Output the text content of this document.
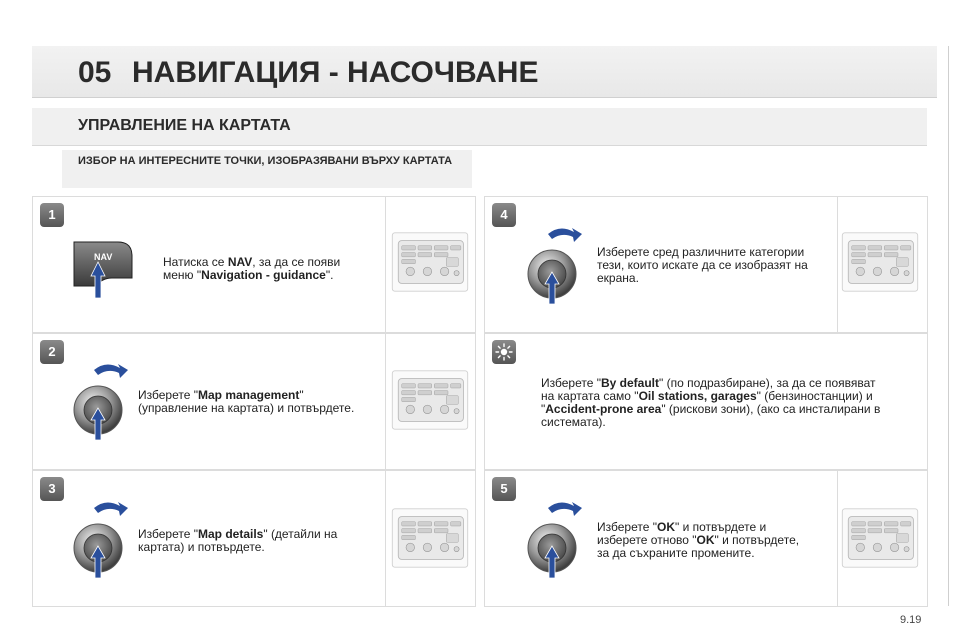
05 НАВИГАЦИЯ - НАСОЧВАНЕ
УПРАВЛЕНИЕ НА КАРТАТА
ИЗБОР НА ИНТЕРЕСНИТЕ ТОЧКИ, ИЗОБРАЗЯВАНИ ВЪРХУ КАРТАТА
1
NAV	Натиска се NAV, за да се появи
меню "Navigation - guidance".
2
Изберете "Map management"
(управление на картата) и потвърдете.
3
Изберете "Map details" (детайли на
картата) и потвърдете.
4
Изберете сред различните категории
тези, които искате да се изобразят на
екрана.
Изберете "By default" (по подразбиране), за да се появяват
на картата само "Oil stations, garages" (бензиностанции) и
"Accident-prone area" (рискови зони), (ако са инсталирани в
системата).
5
Изберете "OK" и потвърдете и
изберете отново "OK" и потвърдете,
за да съхраните промените.
9.19
